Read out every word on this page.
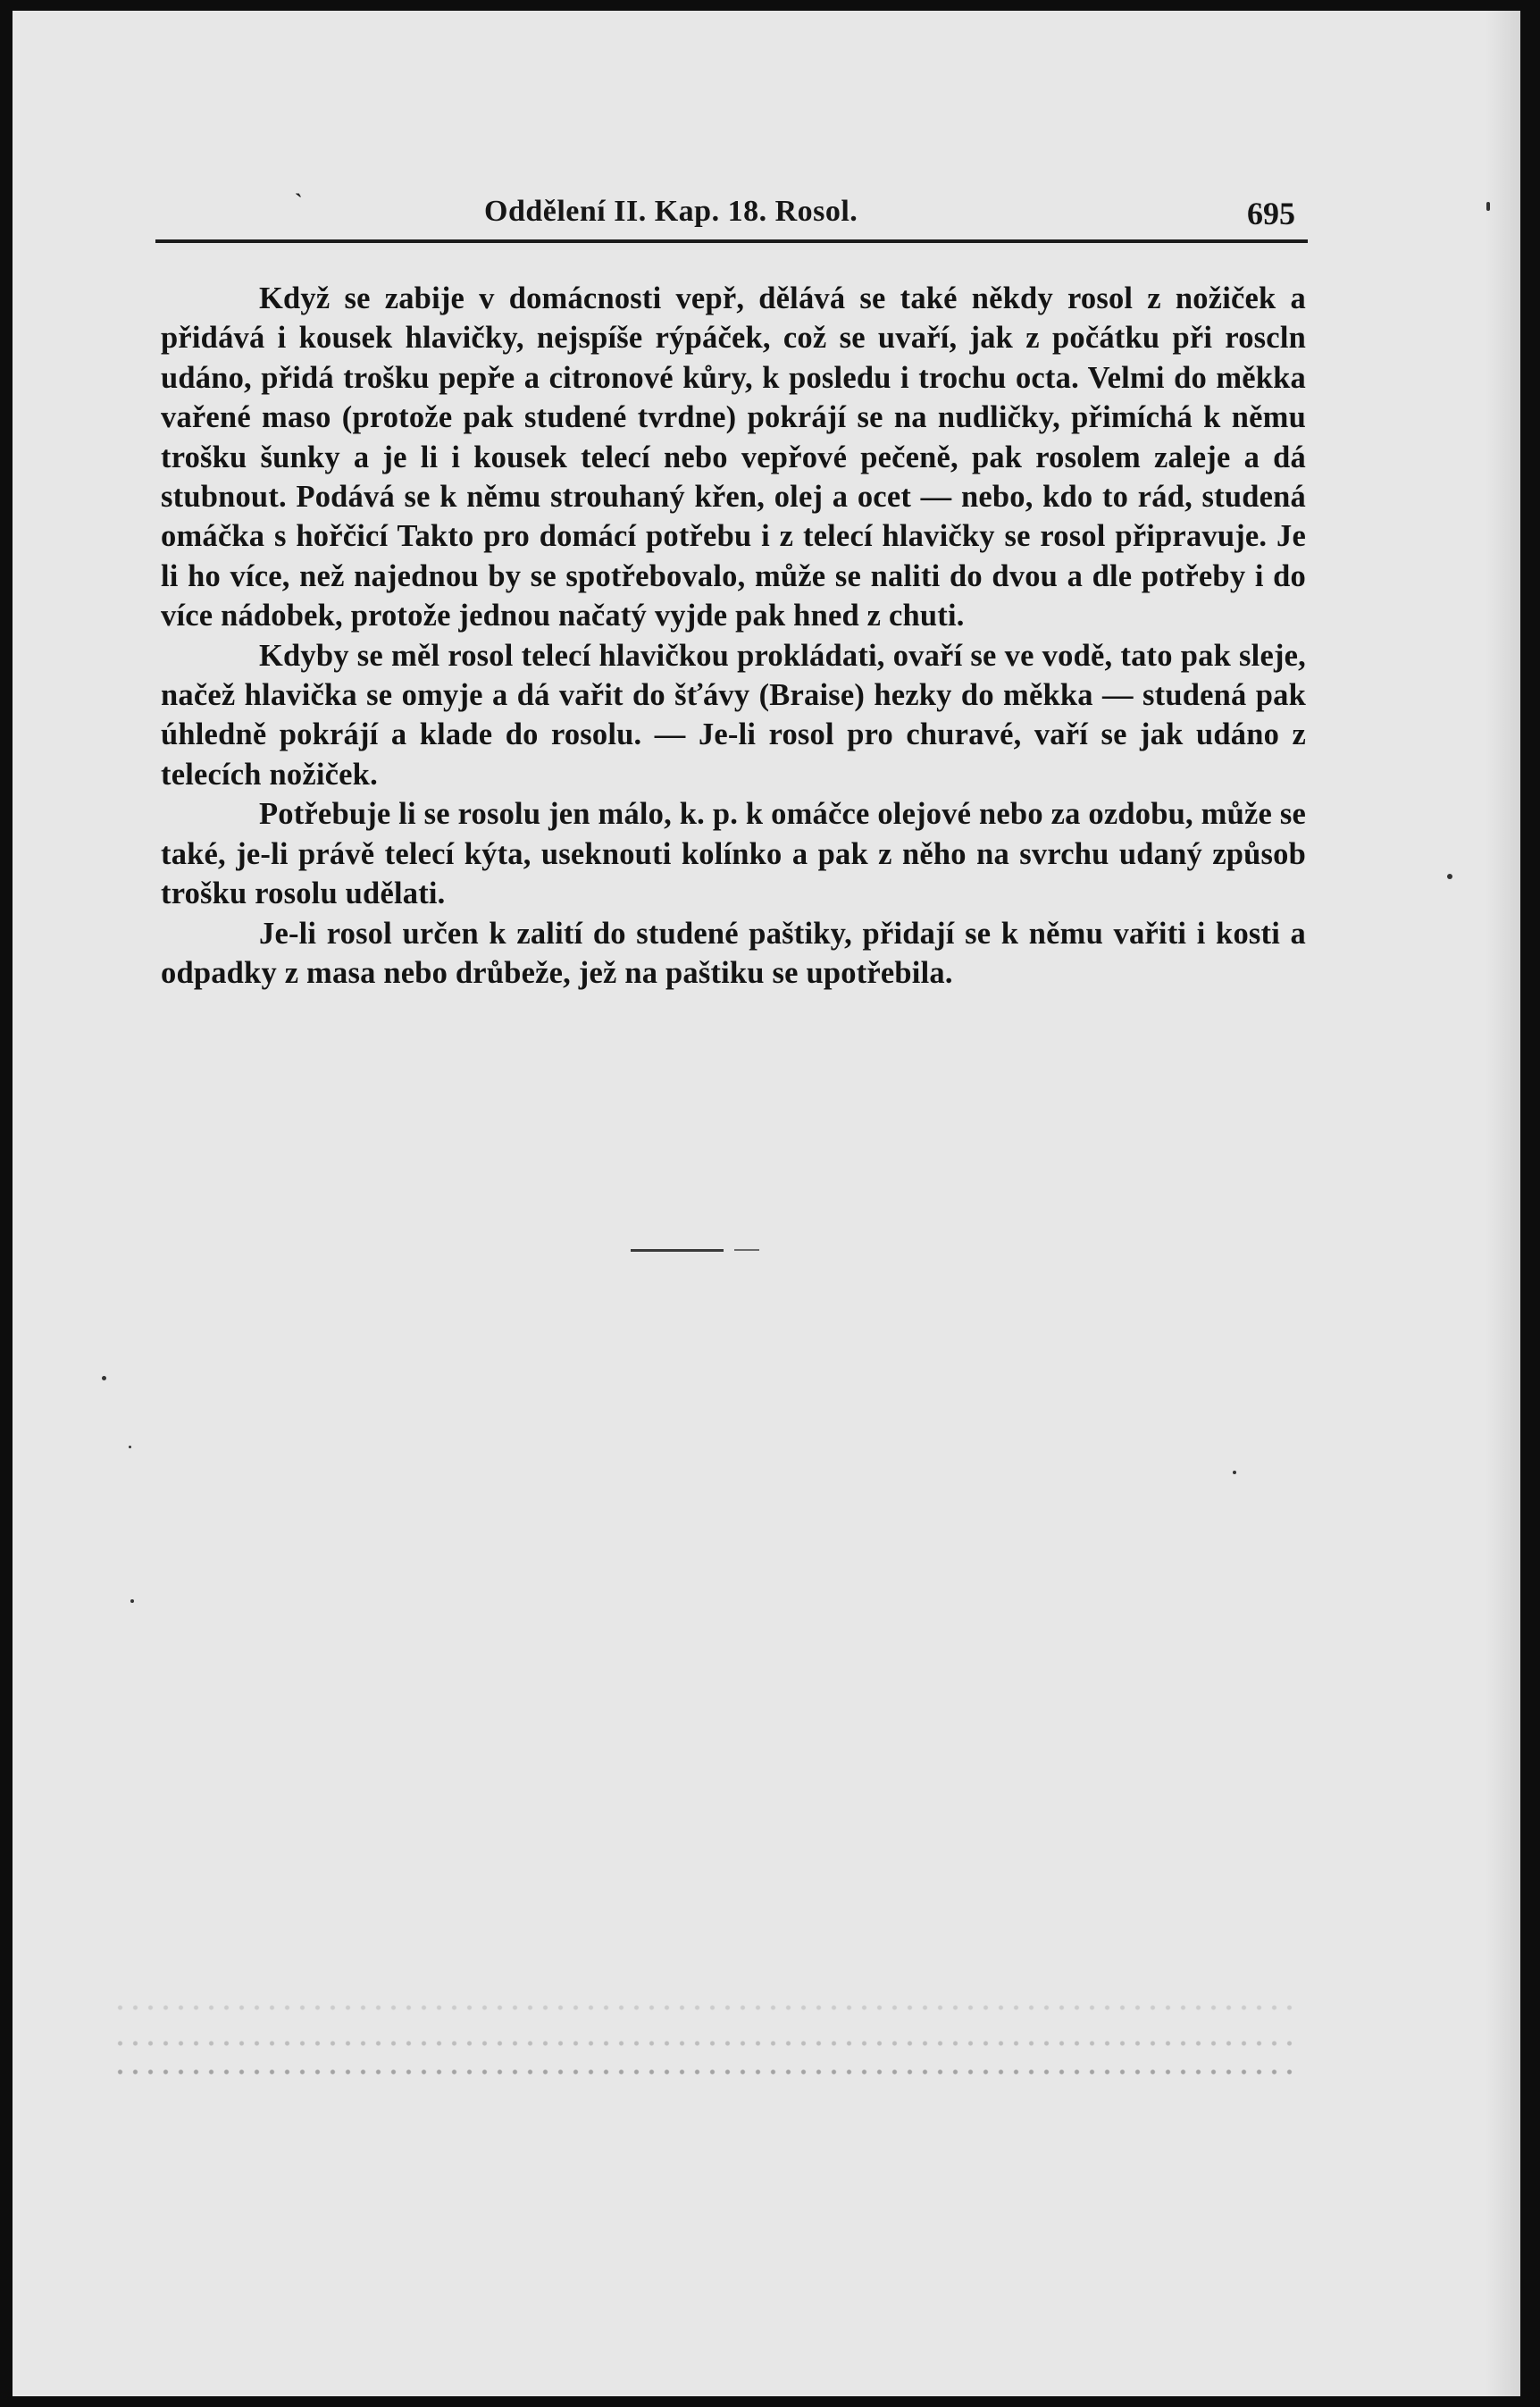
ˋ	Oddělení II. Kap. 18. Rosol.	695

Když se zabije v domácnosti vepř, dělává se také někdy rosol z nožiček a přidává i kousek hlavičky, nejspíše rýpáček, což se uvaří, jak z počátku při roscln udáno, přidá trošku pepře a citronové kůry, k posledu i trochu octa. Velmi do měkka vařené maso (protože pak studené tvrdne) pokrájí se na nudličky, přimíchá k němu trošku šunky a je li i kousek telecí nebo vepřové pečeně, pak rosolem zaleje a dá stubnout. Podává se k němu strouhaný křen, olej a ocet — nebo, kdo to rád, studená omáčka s hořčicí Takto pro domácí potřebu i z telecí hlavičky se rosol připravuje. Je li ho více, než najednou by se spotřebovalo, může se naliti do dvou a dle potřeby i do více nádobek, protože jednou načatý vyjde pak hned z chuti.

Kdyby se měl rosol telecí hlavičkou prokládati, ovaří se ve vodě, tato pak sleje, načež hlavička se omyje a dá vařit do šťávy (Braise) hezky do měkka — studená pak úhledně pokrájí a klade do rosolu. — Je-li rosol pro churavé, vaří se jak udáno z telecích nožiček.

Potřebuje li se rosolu jen málo, k. p. k omáčce olejové nebo za ozdobu, může se také, je-li právě telecí kýta, useknouti kolínko a pak z něho na svrchu udaný způsob trošku rosolu udělati.

Je-li rosol určen k zalití do studené paštiky, přidají se k němu vařiti i kosti a odpadky z masa nebo drůbeže, jež na paštiku se upotřebila.
